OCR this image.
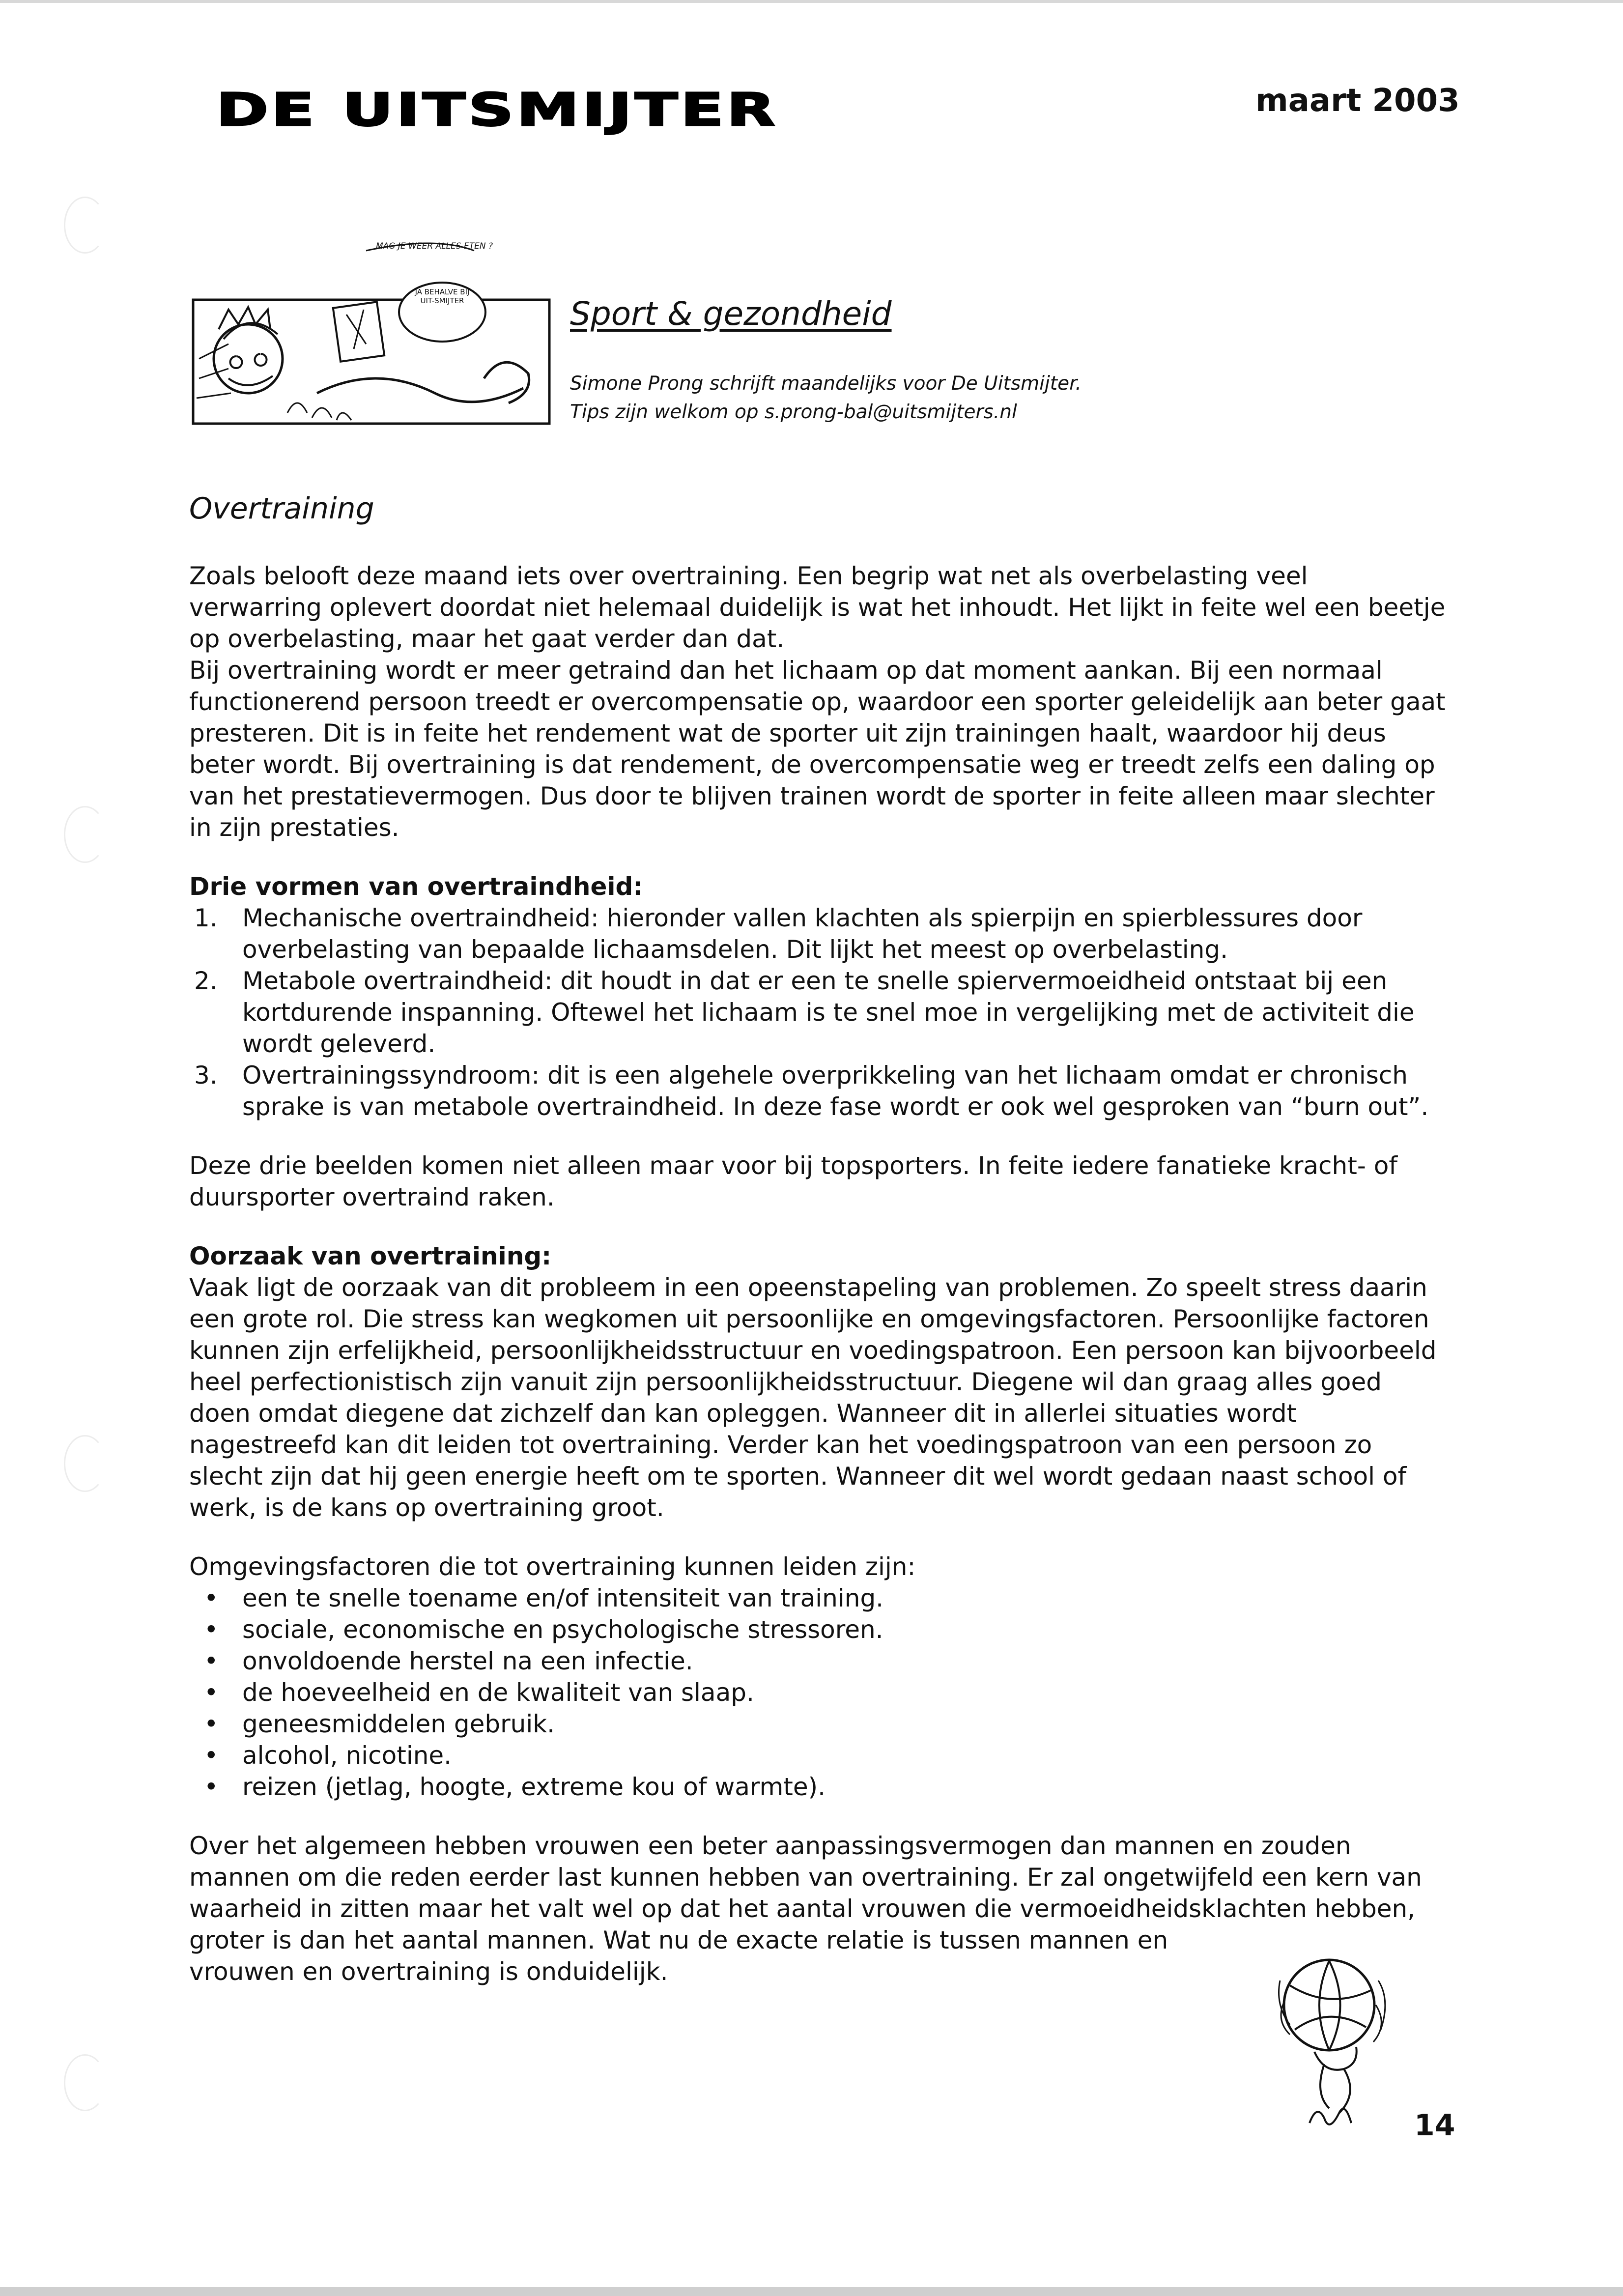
DE UITSMIJTER	maart 2003
MAG JE WEER ALLES ETEN ?
JA BEHALVE BIJ UIT-SMIJTER	Sport & gezondheid
Simone Prong schrijft maandelijks voor De Uitsmijter.
Tips zijn welkom op s.prong-bal@uitsmijters.nl
Overtraining

Zoals belooft deze maand iets over overtraining. Een begrip wat net als overbelasting veel verwarring oplevert doordat niet helemaal duidelijk is wat het inhoudt. Het lijkt in feite wel een beetje op overbelasting, maar het gaat verder dan dat.

Bij overtraining wordt er meer getraind dan het lichaam op dat moment aankan. Bij een normaal functionerend persoon treedt er overcompensatie op, waardoor een sporter geleidelijk aan beter gaat presteren. Dit is in feite het rendement wat de sporter uit zijn trainingen haalt, waardoor hij deus beter wordt. Bij overtraining is dat rendement, de overcompensatie weg er treedt zelfs een daling op van het prestatievermogen. Dus door te blijven trainen wordt de sporter in feite alleen maar slechter in zijn prestaties.

Drie vormen van overtraindheid:

1. Mechanische overtraindheid: hieronder vallen klachten als spierpijn en spierblessures door overbelasting van bepaalde lichaamsdelen. Dit lijkt het meest op overbelasting.
2. Metabole overtraindheid: dit houdt in dat er een te snelle spiervermoeidheid ontstaat bij een kortdurende inspanning. Oftewel het lichaam is te snel moe in vergelijking met de activiteit die wordt geleverd.
3. Overtrainingssyndroom: dit is een algehele overprikkeling van het lichaam omdat er chronisch sprake is van metabole overtraindheid. In deze fase wordt er ook wel gesproken van “burn out”.

Deze drie beelden komen niet alleen maar voor bij topsporters. In feite iedere fanatieke kracht- of duursporter overtraind raken.

Oorzaak van overtraining:

Vaak ligt de oorzaak van dit probleem in een opeenstapeling van problemen. Zo speelt stress daarin een grote rol. Die stress kan wegkomen uit persoonlijke en omgevingsfactoren. Persoonlijke factoren kunnen zijn erfelijkheid, persoonlijkheidsstructuur en voedingspatroon. Een persoon kan bijvoorbeeld heel perfectionistisch zijn vanuit zijn persoonlijkheidsstructuur. Diegene wil dan graag alles goed doen omdat diegene dat zichzelf dan kan opleggen. Wanneer dit in allerlei situaties wordt nagestreefd kan dit leiden tot overtraining. Verder kan het voedingspatroon van een persoon zo slecht zijn dat hij geen energie heeft om te sporten. Wanneer dit wel wordt gedaan naast school of werk, is de kans op overtraining groot.

Omgevingsfactoren die tot overtraining kunnen leiden zijn:

• een te snelle toename en/of intensiteit van training.
• sociale, economische en psychologische stressoren.
• onvoldoende herstel na een infectie.
• de hoeveelheid en de kwaliteit van slaap.
• geneesmiddelen gebruik.
• alcohol, nicotine.
• reizen (jetlag, hoogte, extreme kou of warmte).

Over het algemeen hebben vrouwen een beter aanpassingsvermogen dan mannen en zouden mannen om die reden eerder last kunnen hebben van overtraining. Er zal ongetwijfeld een kern van waarheid in zitten maar het valt wel op dat het aantal vrouwen die vermoeidheidsklachten hebben, groter is dan het aantal mannen. Wat nu de exacte relatie is tussen mannen en
vrouwen en overtraining is onduidelijk.

14
